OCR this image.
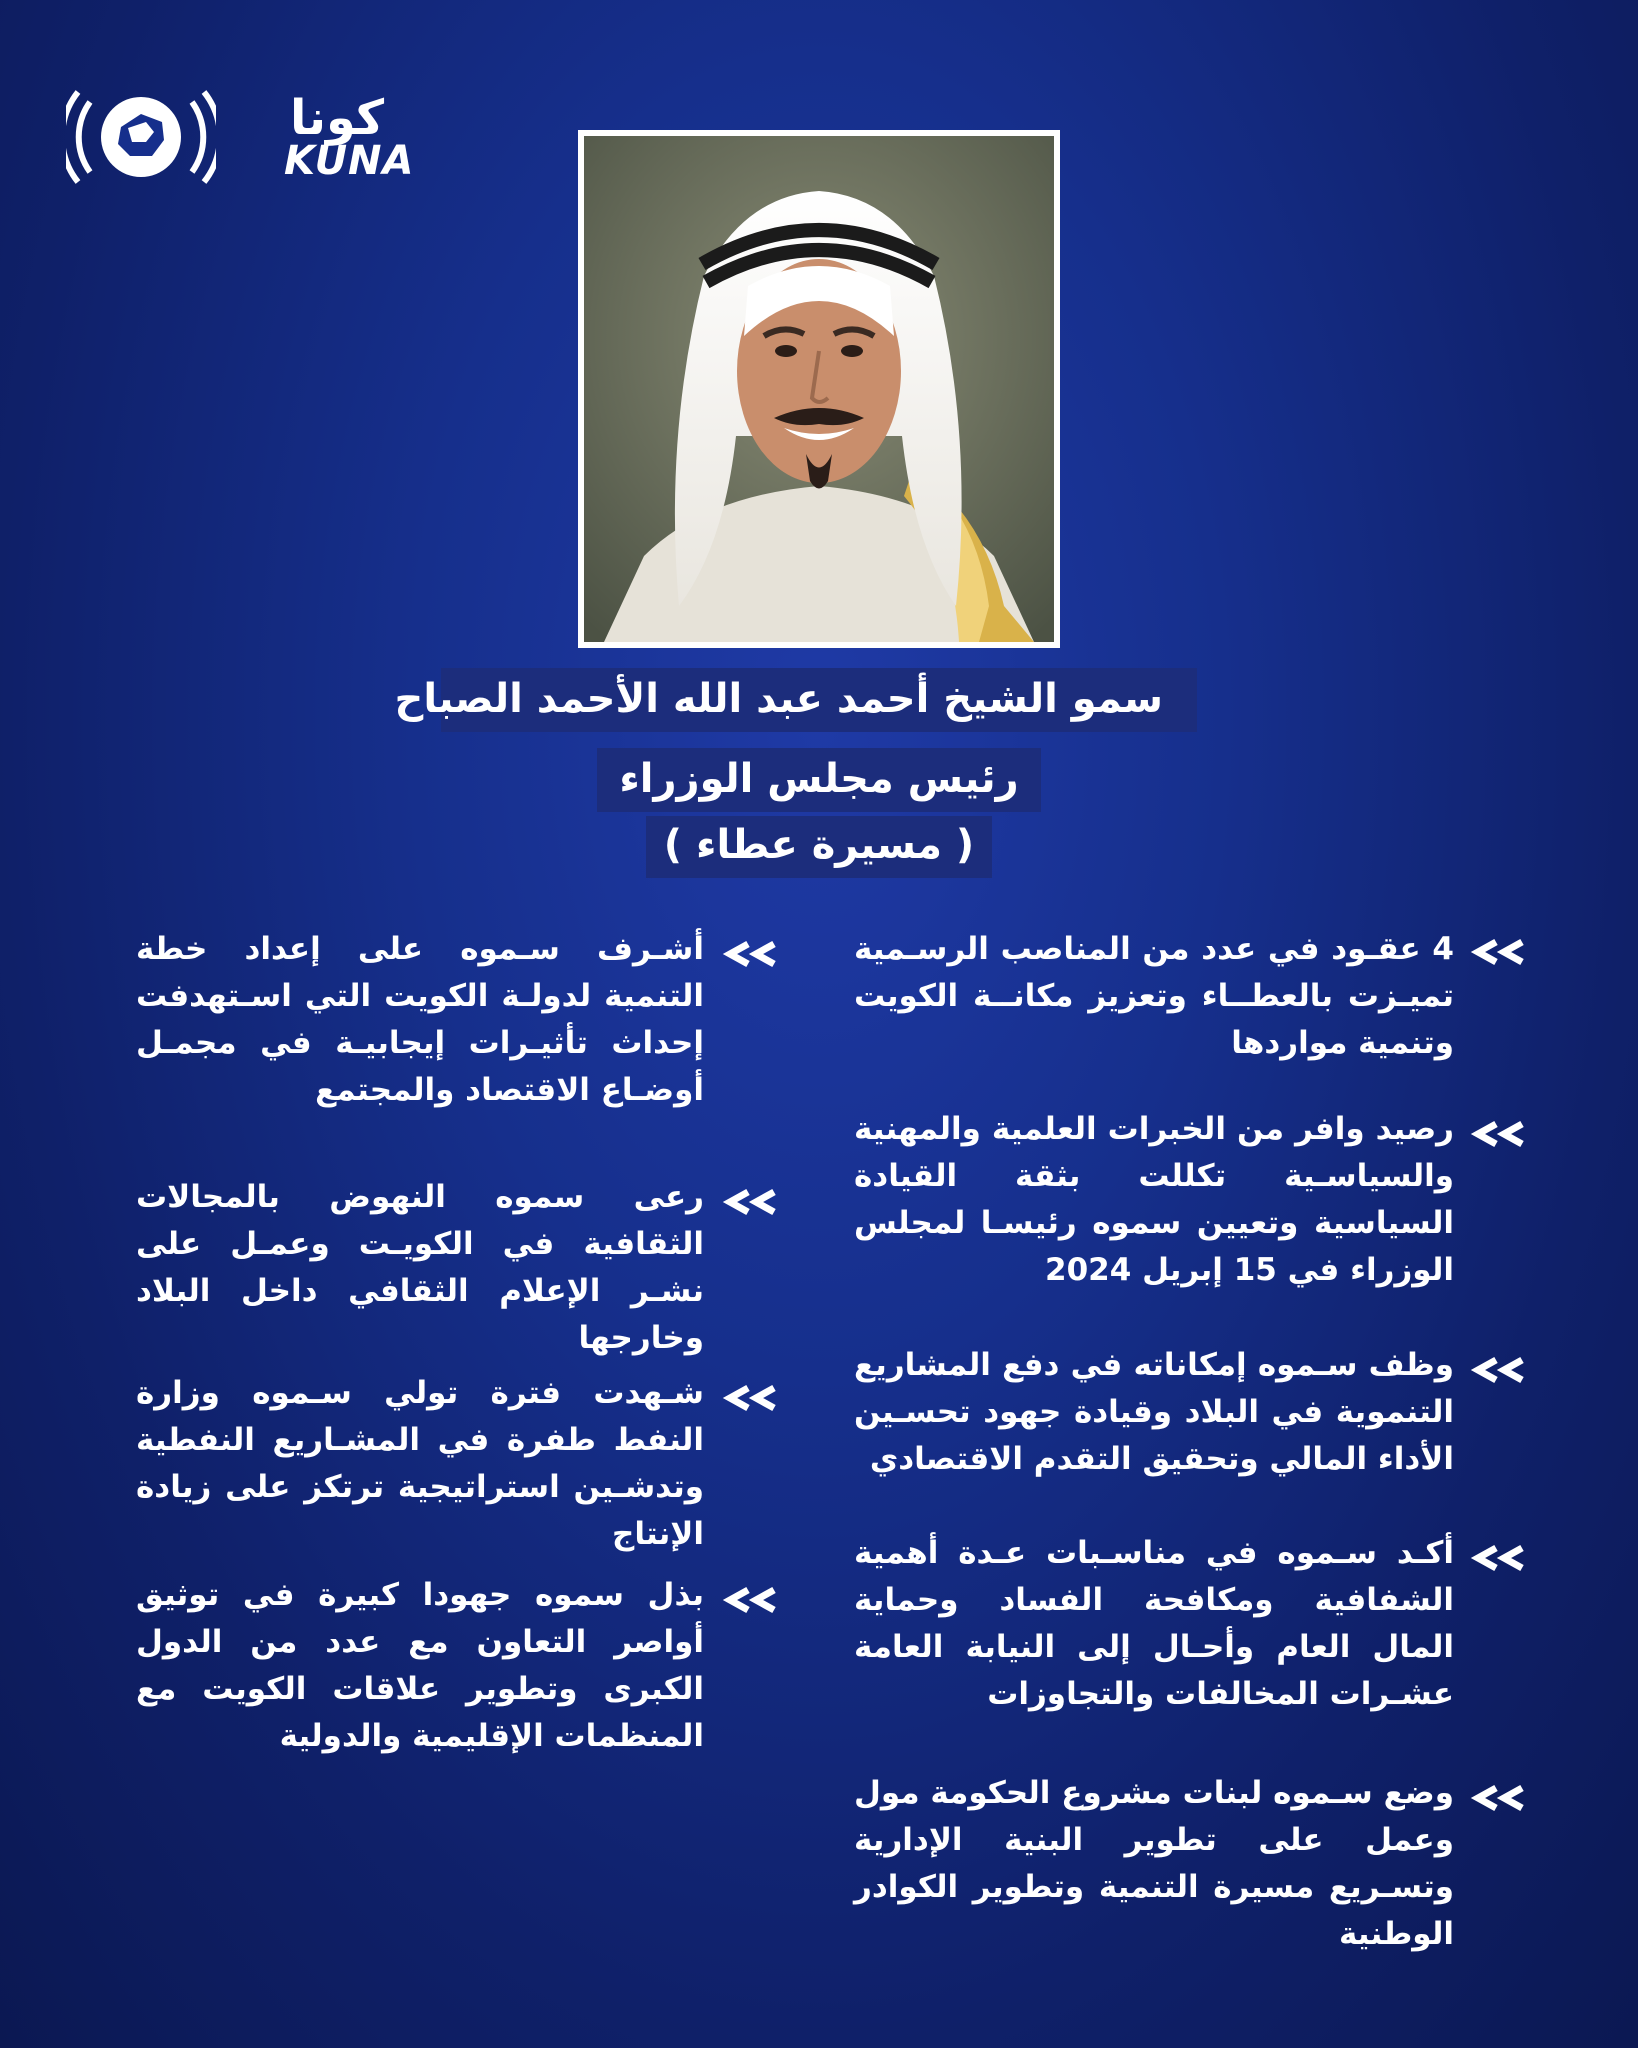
كونا
KUNA
سمو الشيخ أحمد عبد الله الأحمد الصباح
رئيس مجلس الوزراء
( مسيرة عطاء )
4 عقـود في عدد من المناصب الرسـمية تميـزت بالعطــاء وتعزيز مكانــة الكويت وتنمية مواردها
رصيد وافر من الخبرات العلمية والمهنية والسياسـية تكللت بثقة القيادة السياسية وتعيين سموه رئيسـا لمجلس الوزراء في 15 إبريل 2024
وظف سـموه إمكاناته في دفع المشاريع التنموية في البلاد وقيادة جهود تحسـين الأداء المالي وتحقيق التقدم الاقتصادي
أكـد سـموه في مناسـبات عـدة أهمية الشفافية ومكافحة الفساد وحماية المال العام وأحـال إلى النيابة العامة عشـرات المخالفات والتجاوزات
وضع سـموه لبنات مشروع الحكومة مول وعمل على تطوير البنية الإدارية وتسـريع مسيرة التنمية وتطوير الكوادر الوطنية
أشـرف سـموه على إعداد خطة التنمية لدولـة الكويت التي اسـتهدفت إحداث تأثيـرات إيجابيـة في مجمـل أوضـاع الاقتصاد والمجتمع
رعى سموه النهوض بالمجالات الثقافية في الكويـت وعمـل على نشـر الإعلام الثقافي داخل البلاد وخارجها
شـهدت فترة تولي سـموه وزارة النفط طفرة في المشـاريع النفطية وتدشـين استراتيجية ترتكز على زيادة الإنتاج
بذل سموه جهودا كبيرة في توثيق أواصر التعاون مع عدد من الدول الكبرى وتطوير علاقات الكويت مع المنظمات الإقليمية والدولية
